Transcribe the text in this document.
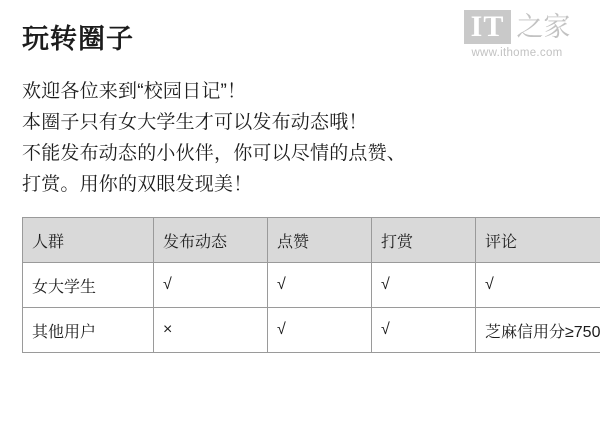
IT 之家
www.ithome.com
玩转圈子
欢迎各位来到“校园日记”！
本圈子只有女大学生才可以发布动态哦！
不能发布动态的小伙伴，你可以尽情的点赞、
打赏。用你的双眼发现美！
人群	发布动态	点赞	打赏	评论
女大学生	√	√	√	√
其他用户	×	√	√	芝麻信用分≥750
